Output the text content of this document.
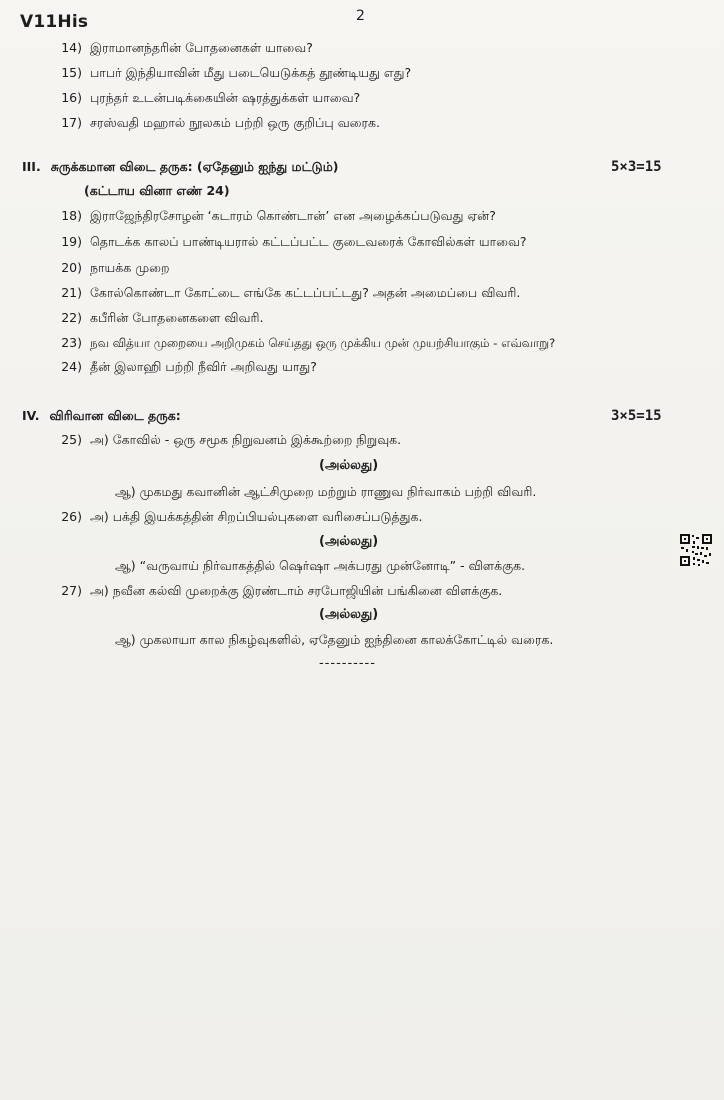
V11His	2
14) இராமானந்தரின் போதனைகள் யாவை?
15) பாபர் இந்தியாவின் மீது படையெடுக்கத் தூண்டியது எது?
16) புரந்தர் உடன்படிக்கையின் ஷரத்துக்கள் யாவை?
17) சரஸ்வதி மஹால் நூலகம் பற்றி ஒரு குறிப்பு வரைக.
III. சுருக்கமான விடை தருக: (ஏதேனும் ஐந்து மட்டும்)	5×3=15
(கட்டாய வினா எண் 24)
18) இராஜேந்திரசோழன் ‘கடாரம் கொண்டான்’ என அழைக்கப்படுவது ஏன்?
19) தொடக்க காலப் பாண்டியரால் கட்டப்பட்ட குடைவரைக் கோவில்கள் யாவை?
20) நாயக்க முறை
21) கோல்கொண்டா கோட்டை எங்கே கட்டப்பட்டது? அதன் அமைப்பை விவரி.
22) கபீரின் போதனைகளை விவரி.
23) நவ வித்யா முறையை அறிமுகம் செய்தது ஒரு முக்கிய முன் முயற்சியாகும் - எவ்வாறு?
24) தீன் இலாஹி பற்றி நீவிர் அறிவது யாது?
IV. விரிவான விடை தருக:	3×5=15
25) அ) கோவில் - ஒரு சமூக நிறுவனம் இக்கூற்றை நிறுவுக.
(அல்லது)
ஆ) முகமது கவானின் ஆட்சிமுறை மற்றும் ராணுவ நிர்வாகம் பற்றி விவரி.
26) அ) பக்தி இயக்கத்தின் சிறப்பியல்புகளை வரிசைப்படுத்துக.
(அல்லது)
ஆ) “வருவாய் நிர்வாகத்தில் ஷெர்ஷா அக்பரது முன்னோடி” - விளக்குக.
27) அ) நவீன கல்வி முறைக்கு இரண்டாம் சரபோஜியின் பங்கினை விளக்குக.
(அல்லது)
ஆ) முகலாயா கால நிகழ்வுகளில், ஏதேனும் ஐந்தினை காலக்கோட்டில் வரைக.
----------
